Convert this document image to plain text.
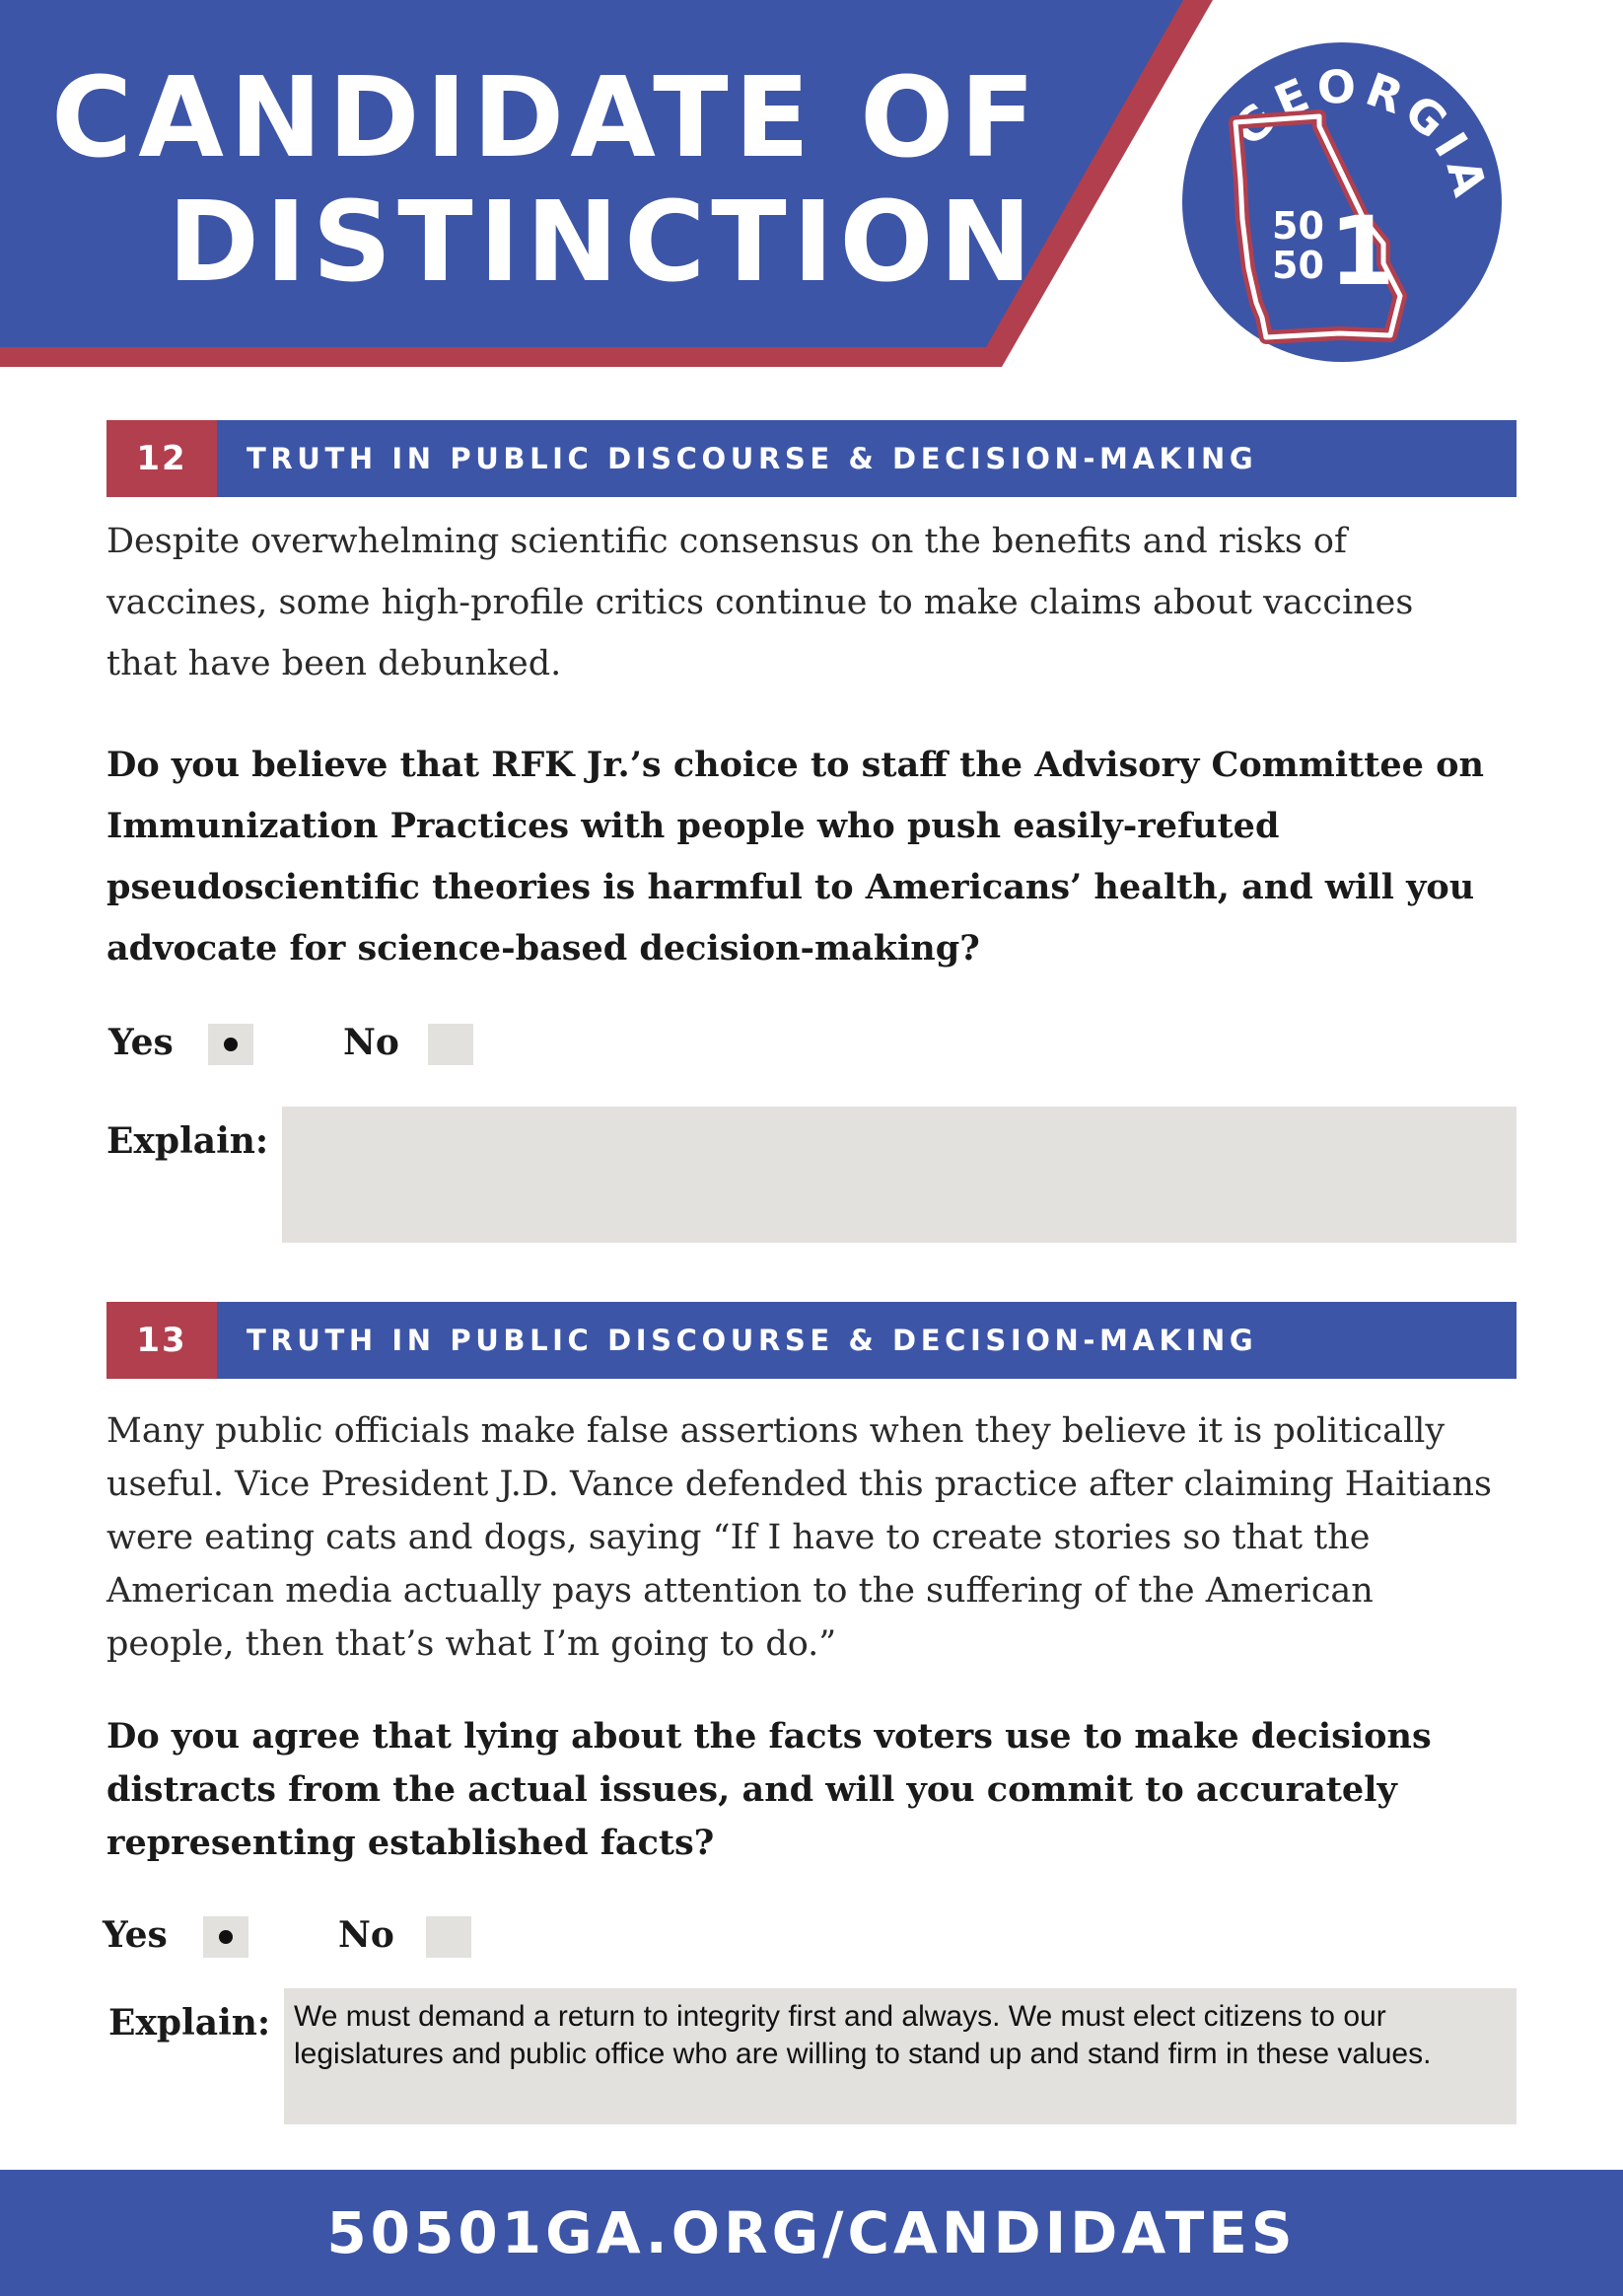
CANDIDATE OF
DISTINCTION
GEORGIA
50
50 1
12	TRUTH IN PUBLIC DISCOURSE & DECISION-MAKING
Despite overwhelming scientific consensus on the benefits and risks of
vaccines, some high-profile critics continue to make claims about vaccines
that have been debunked.
Do you believe that RFK Jr.’s choice to staff the Advisory Committee on
Immunization Practices with people who push easily-refuted
pseudoscientific theories is harmful to Americans’ health, and will you
advocate for science-based decision-making?
Yes	No
Explain:
13	TRUTH IN PUBLIC DISCOURSE & DECISION-MAKING
Many public officials make false assertions when they believe it is politically
useful. Vice President J.D. Vance defended this practice after claiming Haitians
were eating cats and dogs, saying “If I have to create stories so that the
American media actually pays attention to the suffering of the American
people, then that’s what I’m going to do.”
Do you agree that lying about the facts voters use to make decisions
distracts from the actual issues, and will you commit to accurately
representing established facts?
Yes	No
Explain: We must demand a return to integrity first and always. We must elect citizens to our legislatures and public office who are willing to stand up and stand firm in these values.
50501GA.ORG/CANDIDATES
